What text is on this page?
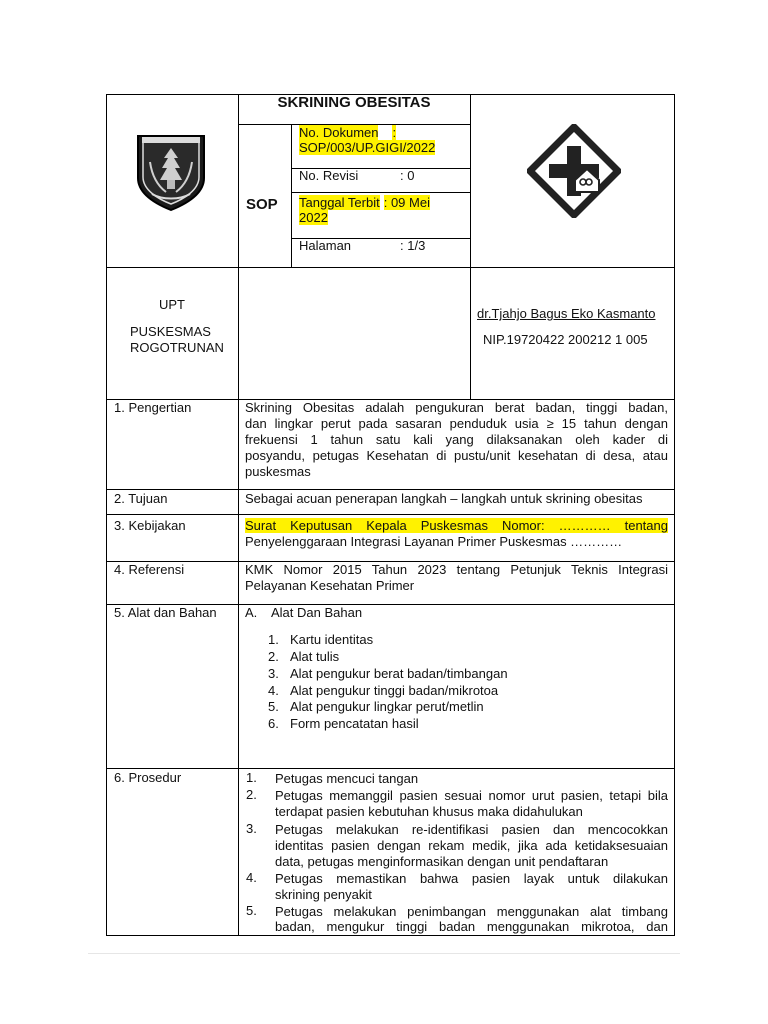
SKRINING OBESITAS
SOP
No. Dokumen :
SOP/003/UP.GIGI/2022
No. Revisi	: 0
Tanggal Terbit : 09 Mei
2022
Halaman	: 1/3
UPT
PUSKESMAS
ROGOTRUNAN
dr.Tjahjo Bagus Eko Kasmanto
NIP.19720422 200212 1 005
1. Pengertian	Skrining Obesitas adalah pengukuran berat badan, tinggi badan,
dan lingkar perut pada sasaran penduduk usia ≥ 15 tahun dengan
frekuensi 1 tahun satu kali yang dilaksanakan oleh kader di
posyandu, petugas Kesehatan di pustu/unit kesehatan di desa, atau
puskesmas
2. Tujuan	Sebagai acuan penerapan langkah – langkah untuk skrining obesitas
3. Kebijakan	Surat Keputusan Kepala Puskesmas Nomor: ………… tentang
Penyelenggaraan Integrasi Layanan Primer Puskesmas …………
4. Referensi	KMK Nomor 2015 Tahun 2023 tentang Petunjuk Teknis Integrasi
Pelayanan Kesehatan Primer
5. Alat dan Bahan A. Alat Dan Bahan
1. Kartu identitas
2. Alat tulis
3. Alat pengukur berat badan/timbangan
4. Alat pengukur tinggi badan/mikrotoa
5. Alat pengukur lingkar perut/metlin
6. Form pencatatan hasil
6. Prosedur	1. Petugas mencuci tangan
2. Petugas memanggil pasien sesuai nomor urut pasien, tetapi bila
terdapat pasien kebutuhan khusus maka didahulukan
3. Petugas melakukan re-identifikasi pasien dan mencocokkan
identitas pasien dengan rekam medik, jika ada ketidaksesuaian
data, petugas menginformasikan dengan unit pendaftaran
4. Petugas memastikan bahwa pasien layak untuk dilakukan
skrining penyakit
5. Petugas melakukan penimbangan menggunakan alat timbang
badan, mengukur tinggi badan menggunakan mikrotoa, dan
